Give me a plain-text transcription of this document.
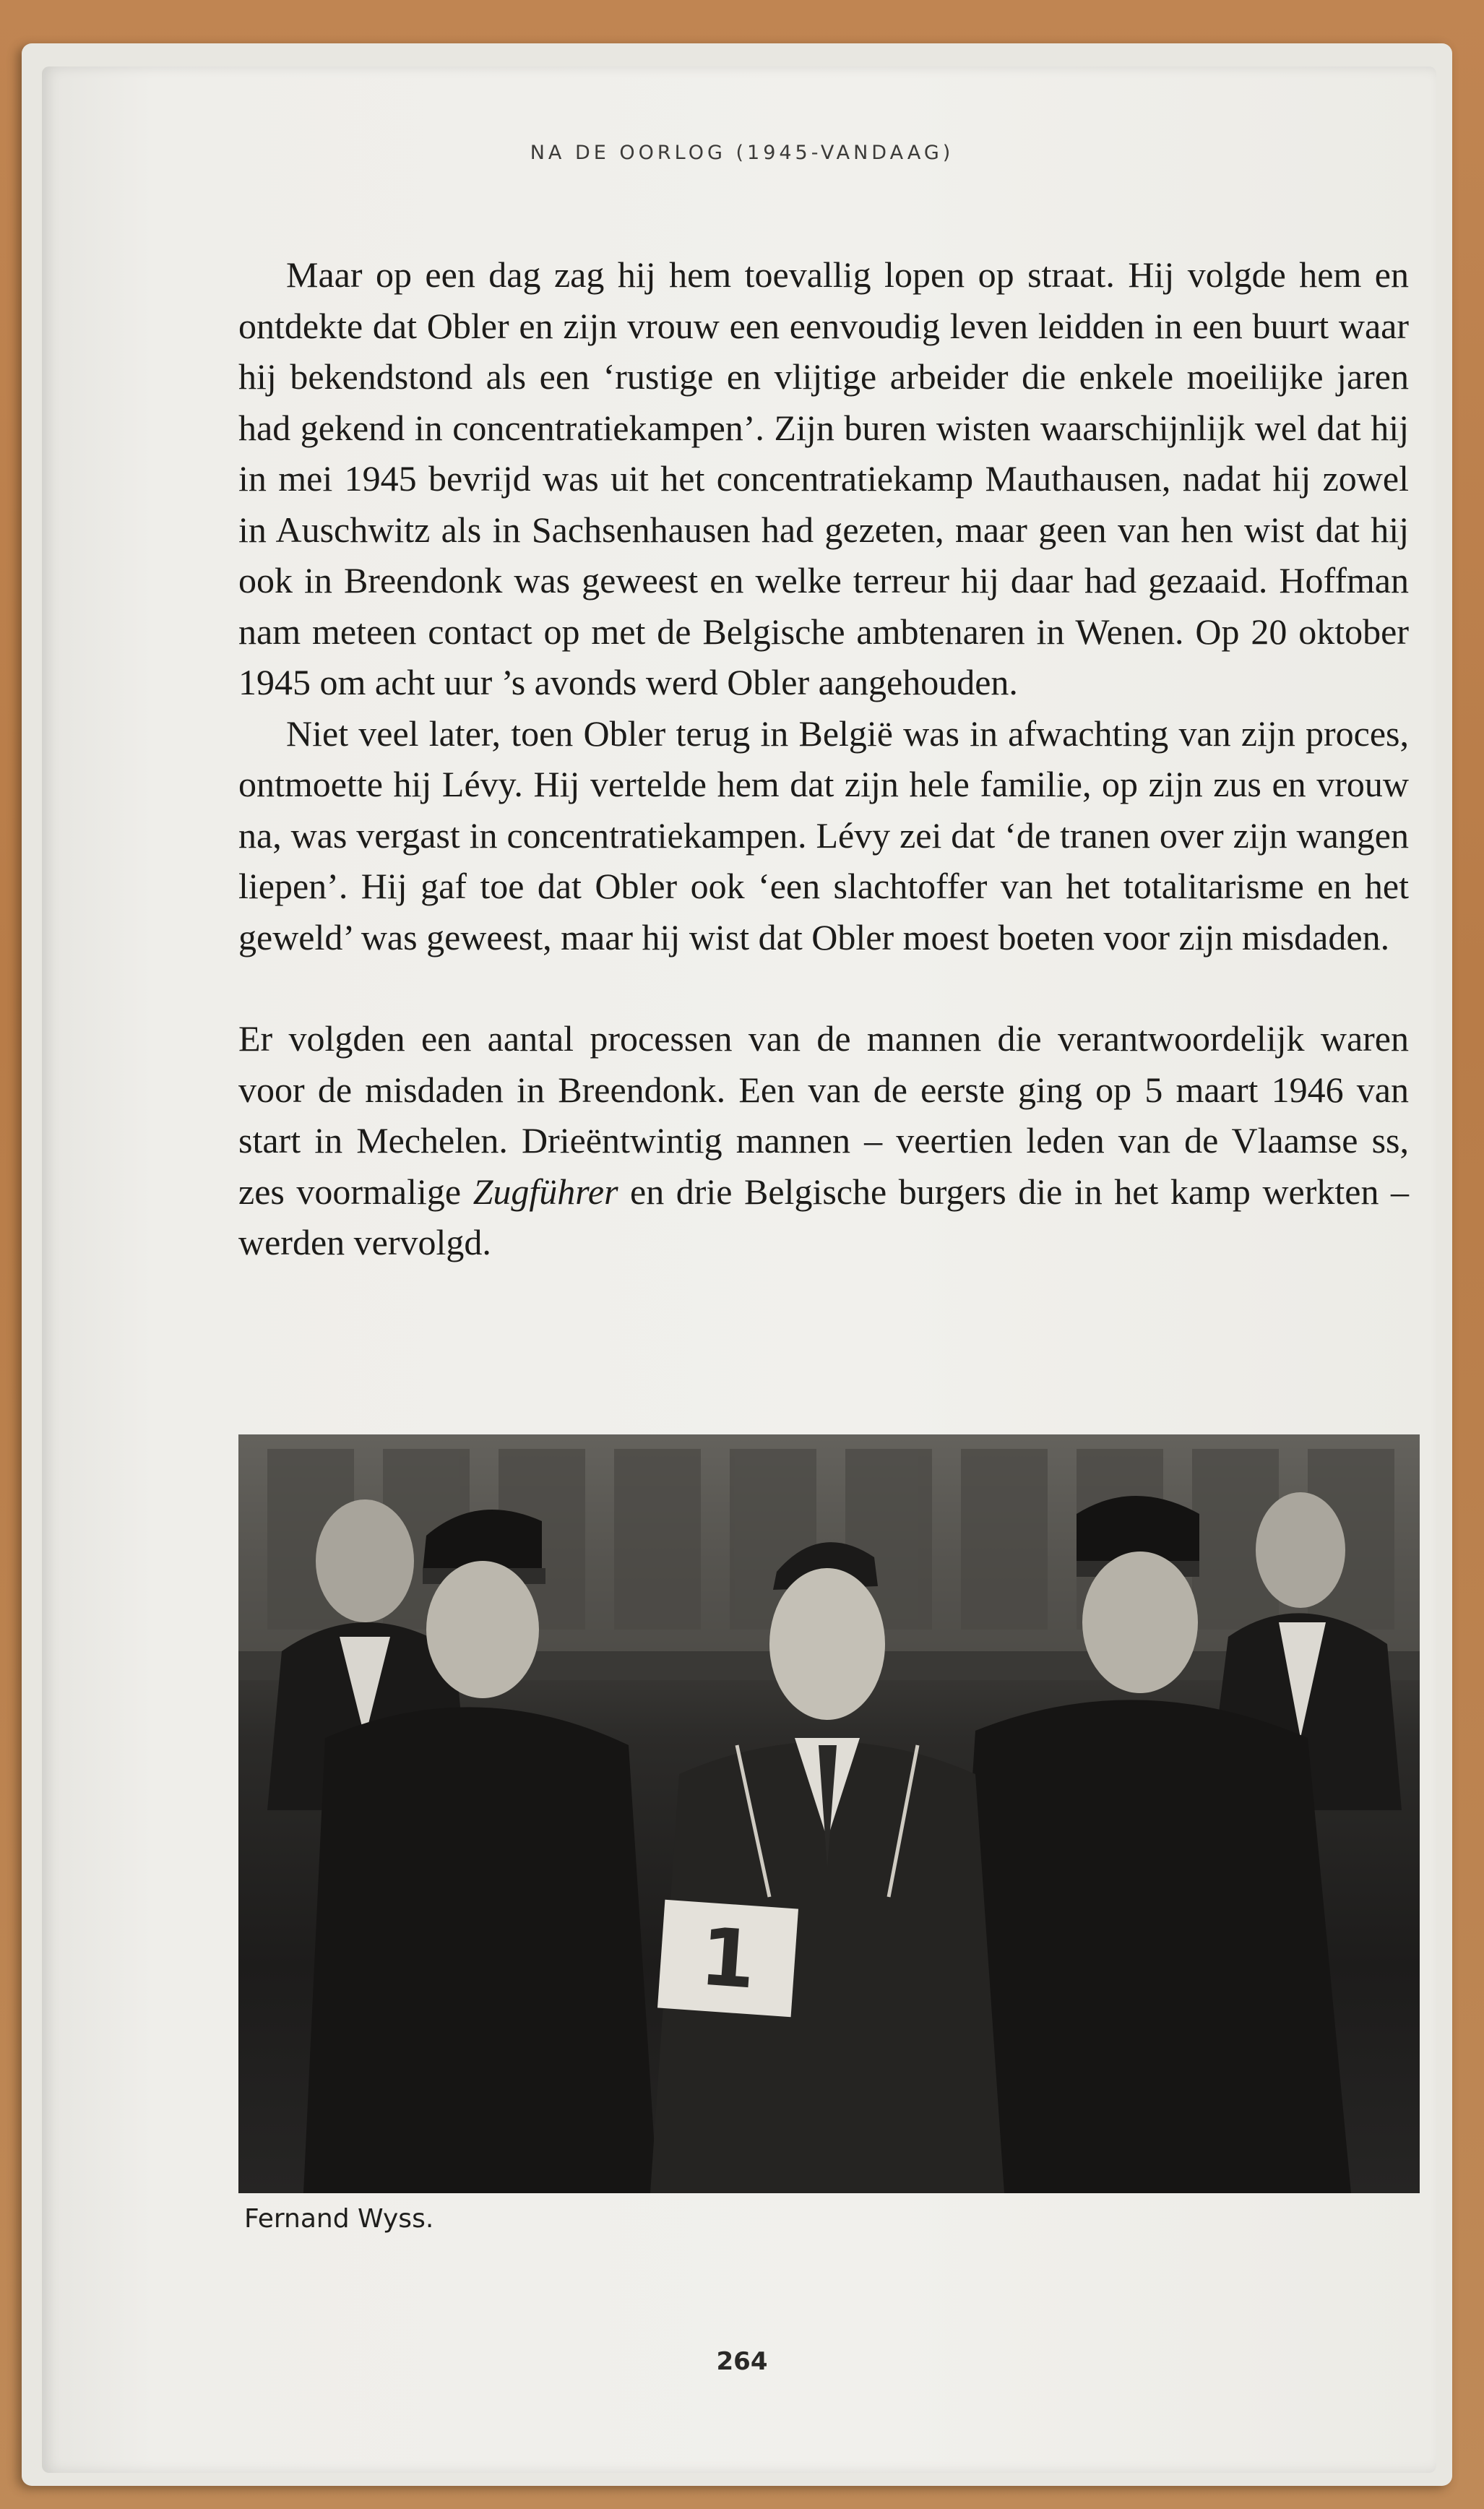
NA DE OORLOG (1945-VANDAAG)

Maar op een dag zag hij hem toevallig lopen op straat. Hij volgde hem en ontdekte dat Obler en zijn vrouw een eenvoudig leven leidden in een buurt waar hij bekendstond als een ‘rustige en vlijtige arbeider die enkele moeilijke jaren had gekend in concentratiekampen’. Zijn buren wisten waarschijnlijk wel dat hij in mei 1945 bevrijd was uit het concentratiekamp Mauthausen, nadat hij zowel in Auschwitz als in Sachsenhausen had gezeten, maar geen van hen wist dat hij ook in Breendonk was geweest en welke terreur hij daar had gezaaid. Hoffman nam meteen contact op met de Belgische ambtenaren in Wenen. Op 20 oktober 1945 om acht uur ’s avonds werd Obler aangehouden.

Niet veel later, toen Obler terug in België was in afwachting van zijn proces, ontmoette hij Lévy. Hij vertelde hem dat zijn hele familie, op zijn zus en vrouw na, was vergast in concentratiekampen. Lévy zei dat ‘de tranen over zijn wangen liepen’. Hij gaf toe dat Obler ook ‘een slachtoffer van het totalitarisme en het geweld’ was geweest, maar hij wist dat Obler moest boeten voor zijn misdaden.

Er volgden een aantal processen van de mannen die verantwoordelijk waren voor de misdaden in Breendonk. Een van de eerste ging op 5 maart 1946 van start in Mechelen. Drieëntwintig mannen – veertien leden van de Vlaamse ss, zes voormalige Zugführer en drie Belgische burgers die in het kamp werkten – werden vervolgd.

1
Fernand Wyss.
264
